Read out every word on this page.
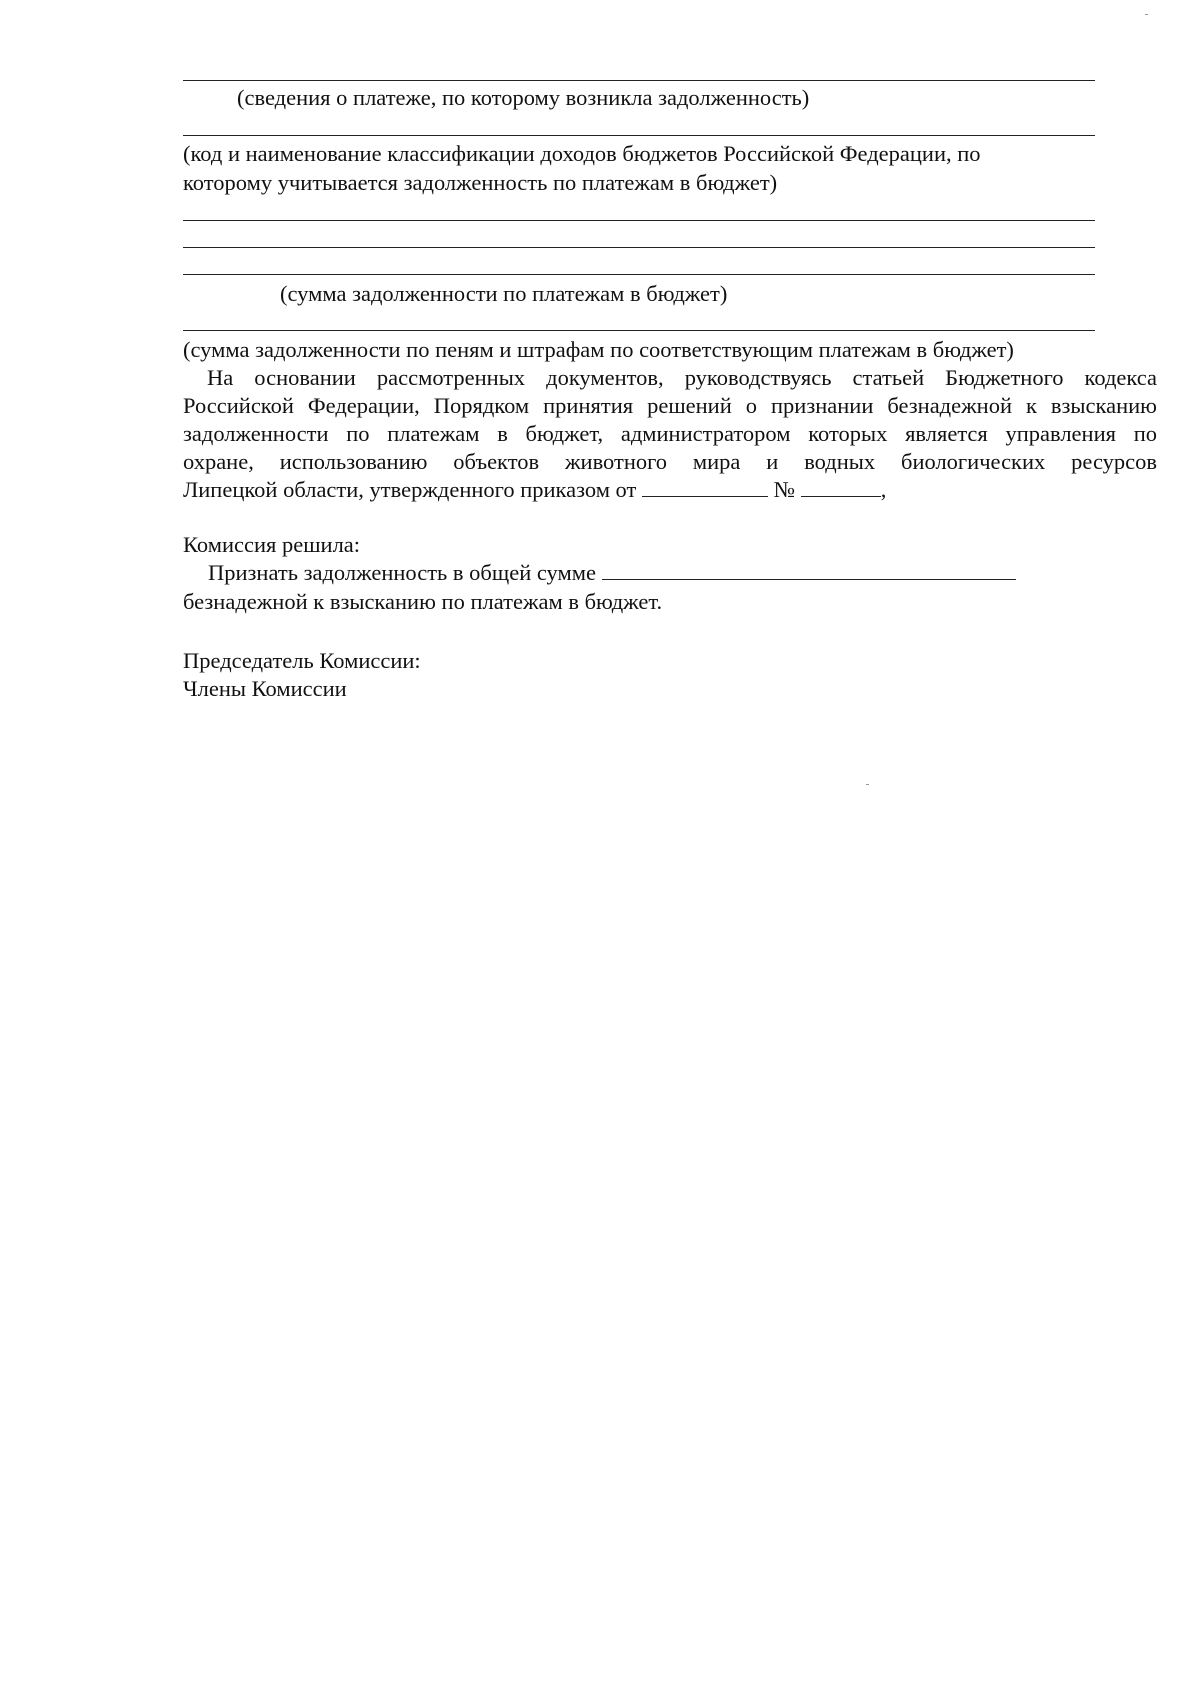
(сведения о платеже, по которому возникла задолженность)
(код и наименование классификации доходов бюджетов Российской Федерации, по
которому учитывается задолженность по платежам в бюджет)
(сумма задолженности по платежам в бюджет)
(сумма задолженности по пеням и штрафам по соответствующим платежам в бюджет)
На основании рассмотренных документов, руководствуясь статьей Бюджетного кодекса
Российской Федерации, Порядком принятия решений о признании безнадежной к взысканию
задолженности по платежам в бюджет, администратором которых является управления по
охране, использованию объектов животного мира и водных биологических ресурсов
Липецкой области, утвержденного приказом от	№	,
Комиссия решила:
Признать задолженность в общей сумме
безнадежной к взысканию по платежам в бюджет.
Председатель Комиссии:
Члены Комиссии
